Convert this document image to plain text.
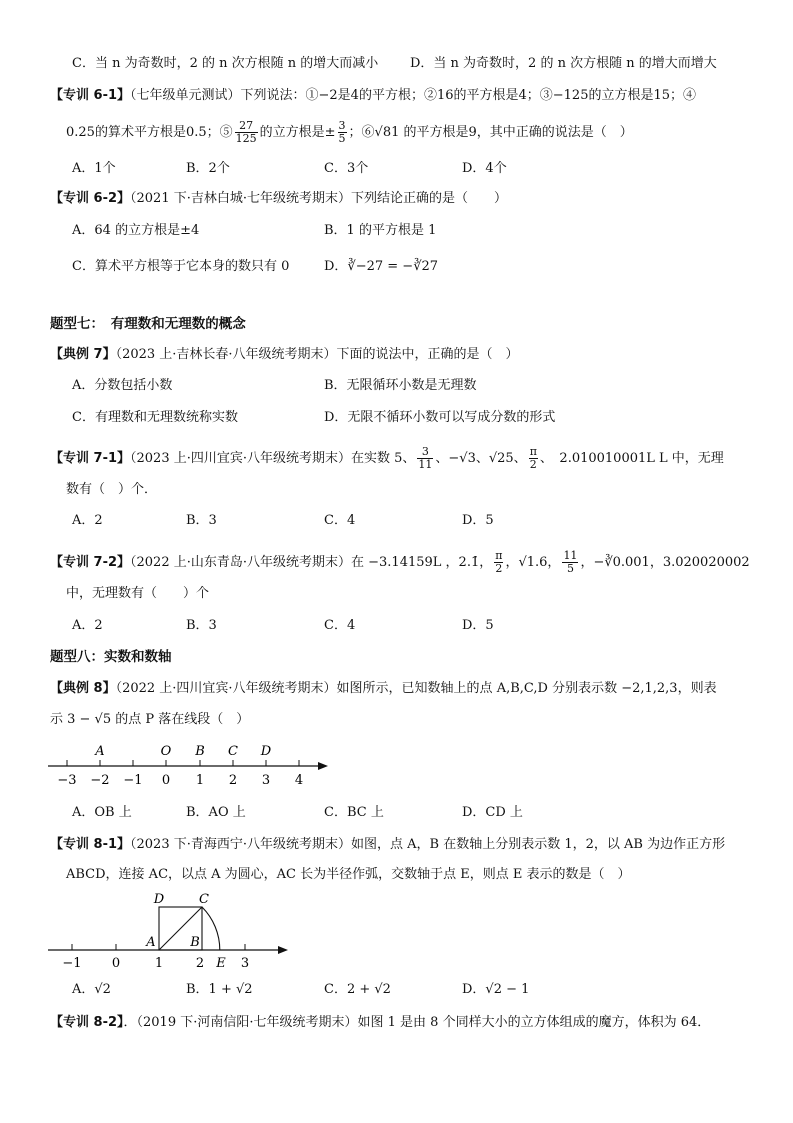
C．当 n 为奇数时，2 的 n 次方根随 n 的增大而减小 D．当 n 为奇数时，2 的 n 次方根随 n 的增大而增大
【专训 6-1】（七年级单元测试）下列说法：①−2是4的平方根；②16的平方根是4；③−125的立方根是15；④
0.25的算术平方根是0.5；⑤ $\frac{27}{125}$ 的立方根是± $\frac{3}{5}$ ；⑥√81 的平方根是9，其中正确的说法是（　）
A．1个	B．2个	C．3个	D．4个
【专训 6-2】（2021 下·吉林白城·七年级统考期末）下列结论正确的是（　　）
A．64 的立方根是±4	B．1 的平方根是 1
C．算术平方根等于它本身的数只有 0	D．∛−27 = −∛27
题型七：　有理数和无理数的概念
【典例 7】（2023 上·吉林长春·八年级统考期末）下面的说法中，正确的是（　）
A．分数包括小数	B．无限循环小数是无理数
C．有理数和无理数统称实数	D．无限不循环小数可以写成分数的形式
【专训 7-1】（2023 上·四川宜宾·八年级统考期末）在实数 5、 $\frac{3}{11}$ 、−√3、√25、 $\frac{\pi}{2}$ 、　2.010010001L L 中，无理
数有（　）个．
A．2	B．3	C．4	D．5
【专训 7-2】（2022 上·山东青岛·八年级统考期末）在 −3.14159L ，2.1̇， $\frac{\pi}{2}$ ，√1.6， $\frac{11}{5}$ ，−∛0.001，3.020020002
中，无理数有（　　）个
A．2	B．3	C．4	D．5
题型八：实数和数轴
【典例 8】（2022 上·四川宜宾·八年级统考期末）如图所示，已知数轴上的点 A,B,C,D 分别表示数 −2,1,2,3，则表
示 3 − √5 的点 P 落在线段（　）
A	O B C D
−3 −2 −1 0 1 2 3 4
A．OB 上	B．AO 上	C．BC 上	D．CD 上
【专训 8-1】（2023 下·青海西宁·八年级统考期末）如图，点 A，B 在数轴上分别表示数 1，2，以 AB 为边作正方形
ABCD，连接 AC，以点 A 为圆心，AC 长为半径作弧，交数轴于点 E，则点 E 表示的数是（　）
D	C
A	B
E
−1 0	1	2	3
A．√2	B．1 + √2	C．2 + √2	D．√2 − 1
【专训 8-2】．（2019 下·河南信阳·七年级统考期末）如图 1 是由 8 个同样大小的立方体组成的魔方，体积为 64．
